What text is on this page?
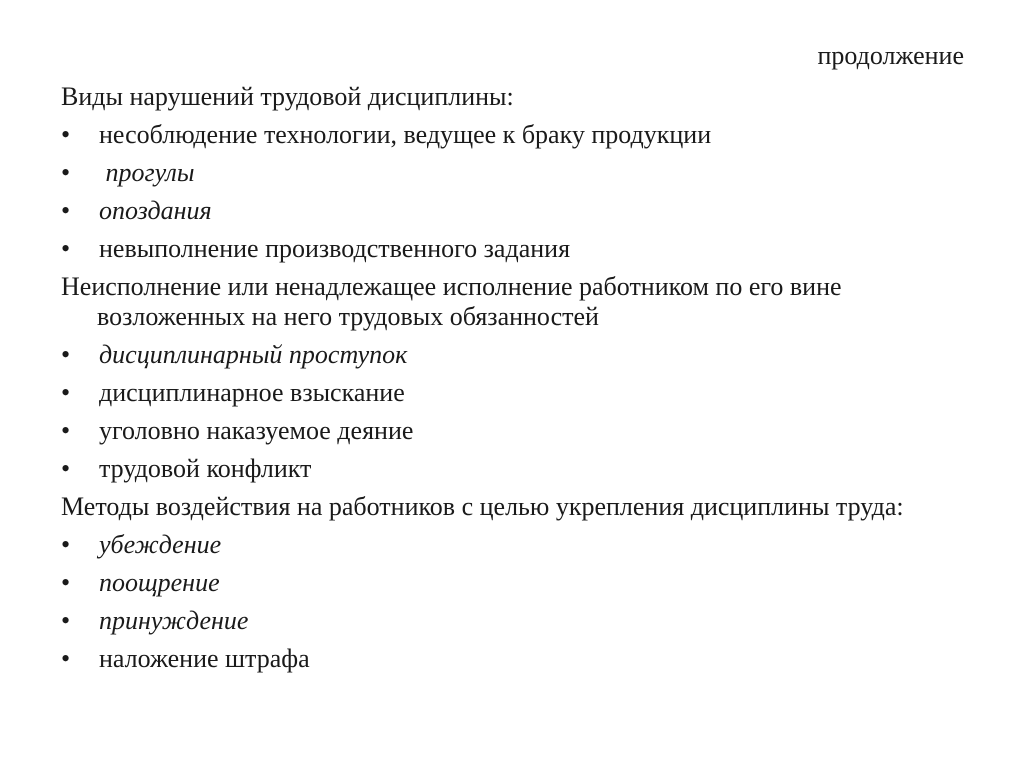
продолжение
Виды нарушений трудовой дисциплины:
•	несоблюдение технологии, ведущее к браку продукции
•	прогулы
•	опоздания
•	невыполнение производственного задания
Неисполнение или ненадлежащее исполнение работником по его вине возложенных на него трудовых обязанностей
•	дисциплинарный проступок
•	дисциплинарное взыскание
•	уголовно наказуемое деяние
•	трудовой конфликт
Методы воздействия на работников с целью укрепления дисциплины труда:
•	убеждение
•	поощрение
•	принуждение
•	наложение штрафа
